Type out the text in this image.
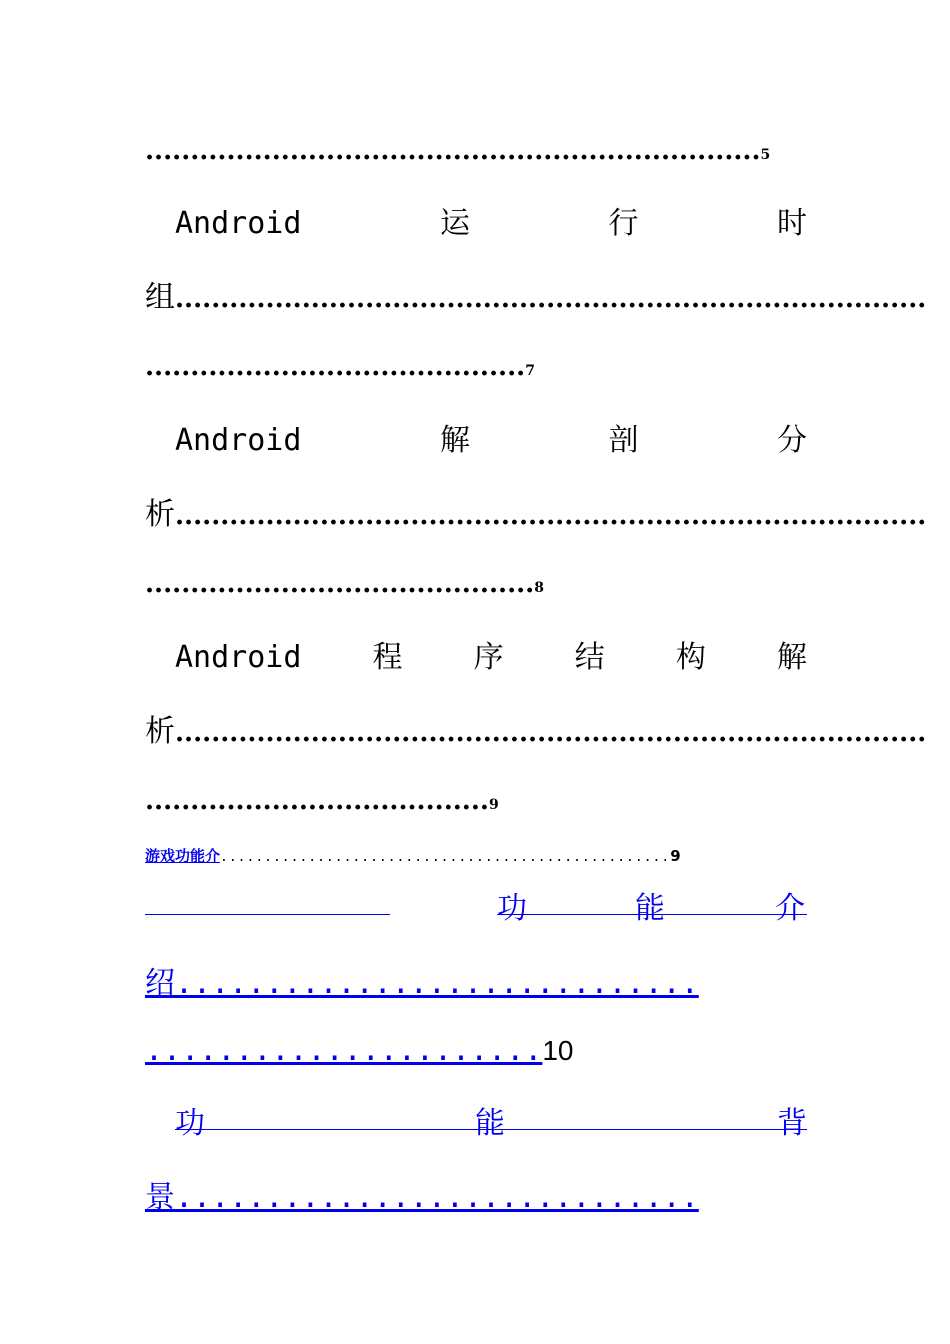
....................................................................5
Android	运	行	时
组...................................................................................
..........................................7
Android	解	剖	分
析...................................................................................
...........................................8
Android 程 序 结 构 解
析...................................................................................
......................................9
游戏功能介...................................................9
功	能	介
绍.............................
......................10
功	能	背
景.............................
